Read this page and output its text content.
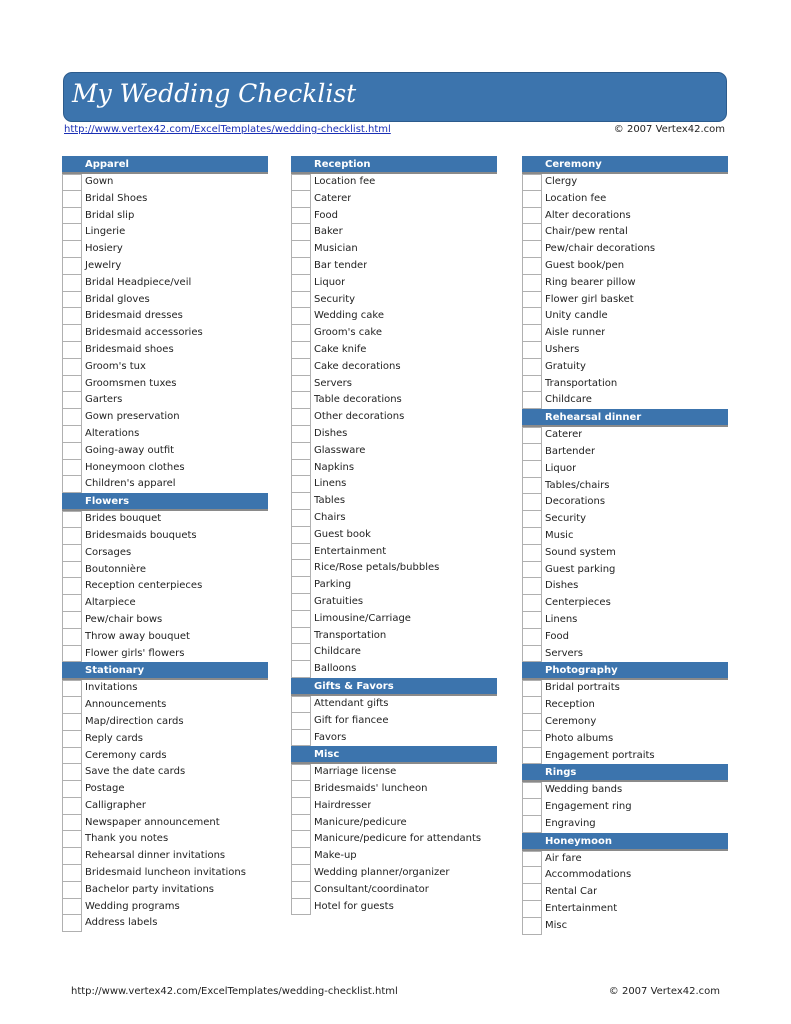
My Wedding Checklist
http://www.vertex42.com/ExcelTemplates/wedding-checklist.html	© 2007 Vertex42.com
Apparel
Gown
Bridal Shoes
Bridal slip
Lingerie
Hosiery
Jewelry
Bridal Headpiece/veil
Bridal gloves
Bridesmaid dresses
Bridesmaid accessories
Bridesmaid shoes
Groom's tux
Groomsmen tuxes
Garters
Gown preservation
Alterations
Going-away outfit
Honeymoon clothes
Children's apparel
Flowers
Brides bouquet
Bridesmaids bouquets
Corsages
Boutonnière
Reception centerpieces
Altarpiece
Pew/chair bows
Throw away bouquet
Flower girls' flowers
Stationary
Invitations
Announcements
Map/direction cards
Reply cards
Ceremony cards
Save the date cards
Postage
Calligrapher
Newspaper announcement
Thank you notes
Rehearsal dinner invitations
Bridesmaid luncheon invitations
Bachelor party invitations
Wedding programs
Address labels
Reception
Location fee
Caterer
Food
Baker
Musician
Bar tender
Liquor
Security
Wedding cake
Groom's cake
Cake knife
Cake decorations
Servers
Table decorations
Other decorations
Dishes
Glassware
Napkins
Linens
Tables
Chairs
Guest book
Entertainment
Rice/Rose petals/bubbles
Parking
Gratuities
Limousine/Carriage
Transportation
Childcare
Balloons
Gifts & Favors
Attendant gifts
Gift for fiancee
Favors
Misc
Marriage license
Bridesmaids' luncheon
Hairdresser
Manicure/pedicure
Manicure/pedicure for attendants
Make-up
Wedding planner/organizer
Consultant/coordinator
Hotel for guests
Ceremony
Clergy
Location fee
Alter decorations
Chair/pew rental
Pew/chair decorations
Guest book/pen
Ring bearer pillow
Flower girl basket
Unity candle
Aisle runner
Ushers
Gratuity
Transportation
Childcare
Rehearsal dinner
Caterer
Bartender
Liquor
Tables/chairs
Decorations
Security
Music
Sound system
Guest parking
Dishes
Centerpieces
Linens
Food
Servers
Photography
Bridal portraits
Reception
Ceremony
Photo albums
Engagement portraits
Rings
Wedding bands
Engagement ring
Engraving
Honeymoon
Air fare
Accommodations
Rental Car
Entertainment
Misc
http://www.vertex42.com/ExcelTemplates/wedding-checklist.html	© 2007 Vertex42.com
